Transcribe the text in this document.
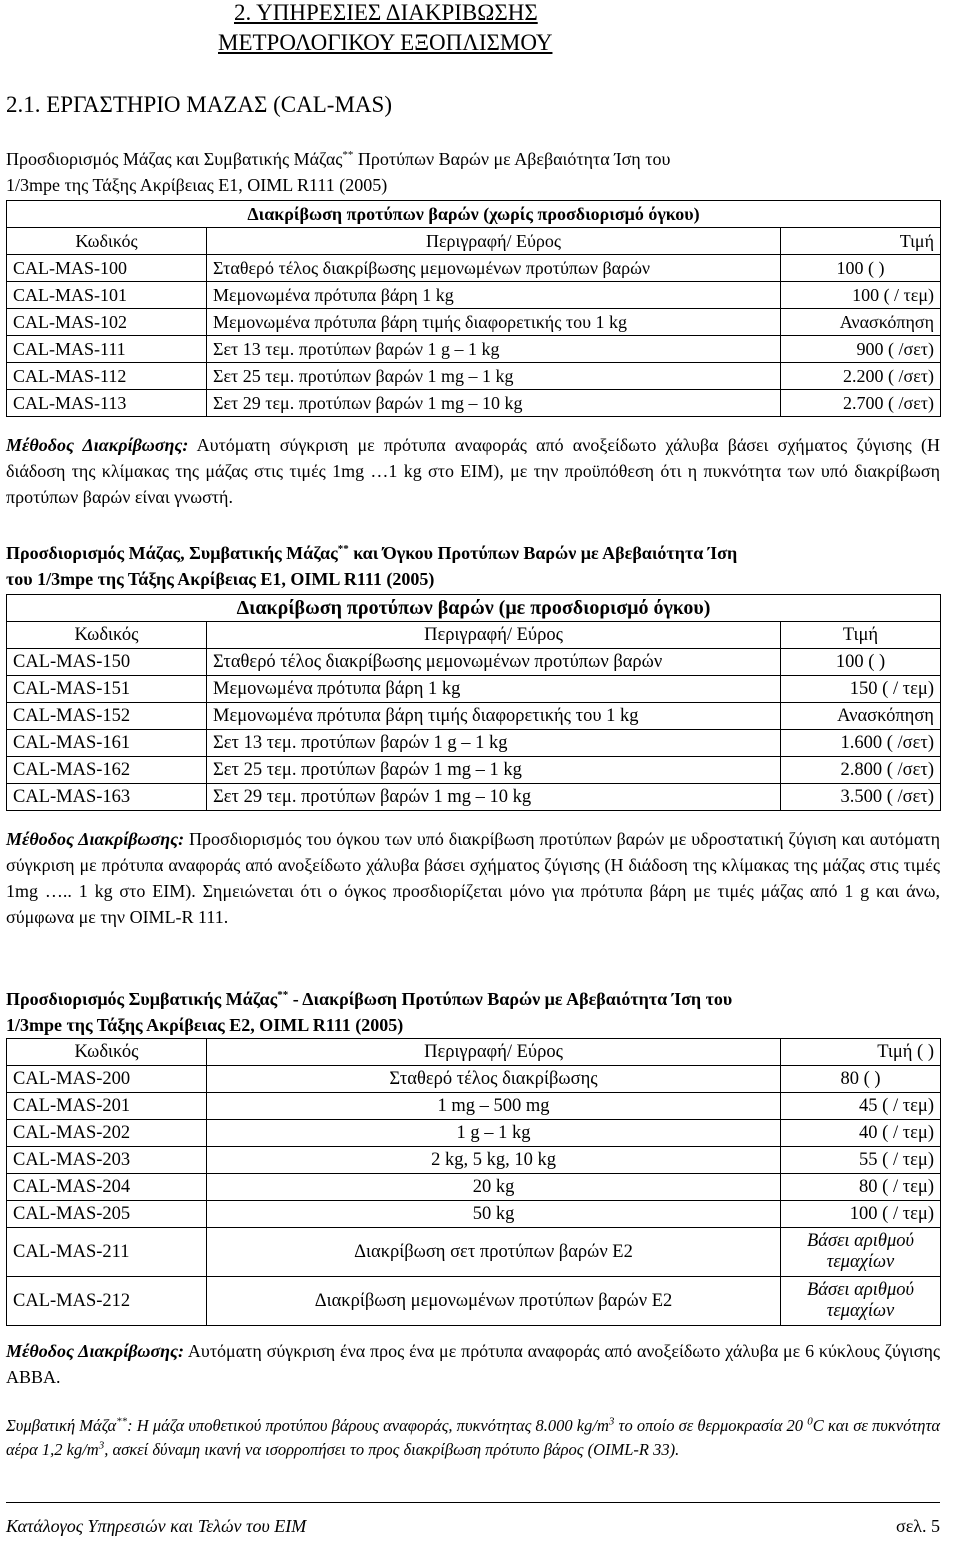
2. ΥΠΗΡΕΣΙΕΣ ΔΙΑΚΡΙΒΩΣΗΣ
ΜΕΤΡΟΛΟΓΙΚΟΥ ΕΞΟΠΛΙΣΜΟΥ
2.1. ΕΡΓΑΣΤΗΡΙΟ ΜΑΖΑΣ (CAL-MAS)
Προσδιορισμός Μάζας και Συμβατικής Μάζας** Προτύπων Βαρών με Αβεβαιότητα Ίση του
1/3mpe της Τάξης Ακρίβειας Ε1, OIML R111 (2005)
Διακρίβωση προτύπων βαρών (χωρίς προσδιορισμό όγκου)		
Κωδικός	Περιγραφή/ Εύρος	Τιμή
CAL-MAS-100	Σταθερό τέλος διακρίβωσης μεμονωμένων προτύπων βαρών	100 ( )
CAL-MAS-101	Μεμονωμένα πρότυπα βάρη 1 kg	100 ( / τεμ)
CAL-MAS-102	Μεμονωμένα πρότυπα βάρη τιμής διαφορετικής του 1 kg	Ανασκόπηση
CAL-MAS-111	Σετ 13 τεμ. προτύπων βαρών 1 g – 1 kg	900 ( /σετ)
CAL-MAS-112	Σετ 25 τεμ. προτύπων βαρών 1 mg – 1 kg	2.200 ( /σετ)
CAL-MAS-113	Σετ 29 τεμ. προτύπων βαρών 1 mg – 10 kg	2.700 ( /σετ)
Μέθοδος Διακρίβωσης: Αυτόματη σύγκριση με πρότυπα αναφοράς από ανοξείδωτο χάλυβα βάσει σχήματος ζύγισης (Η διάδοση της κλίμακας της μάζας στις τιμές 1mg …1 kg στο ΕΙΜ), με την προϋπόθεση ότι η πυκνότητα των υπό διακρίβωση προτύπων βαρών είναι γνωστή.
Προσδιορισμός Μάζας, Συμβατικής Μάζας** και Όγκου Προτύπων Βαρών με Αβεβαιότητα Ίση
του 1/3mpe της Τάξης Ακρίβειας Ε1, OIML R111 (2005)
Διακρίβωση προτύπων βαρών (με προσδιορισμό όγκου)		
Κωδικός	Περιγραφή/ Εύρος	Τιμή
CAL-MAS-150	Σταθερό τέλος διακρίβωσης μεμονωμένων προτύπων βαρών	100 ( )
CAL-MAS-151	Μεμονωμένα πρότυπα βάρη 1 kg	150 ( / τεμ)
CAL-MAS-152	Μεμονωμένα πρότυπα βάρη τιμής διαφορετικής του 1 kg	Ανασκόπηση
CAL-MAS-161	Σετ 13 τεμ. προτύπων βαρών 1 g – 1 kg	1.600 ( /σετ)
CAL-MAS-162	Σετ 25 τεμ. προτύπων βαρών 1 mg – 1 kg	2.800 ( /σετ)
CAL-MAS-163	Σετ 29 τεμ. προτύπων βαρών 1 mg – 10 kg	3.500 ( /σετ)
Μέθοδος Διακρίβωσης: Προσδιορισμός του όγκου των υπό διακρίβωση προτύπων βαρών με υδροστατική ζύγιση και αυτόματη σύγκριση με πρότυπα αναφοράς από ανοξείδωτο χάλυβα βάσει σχήματος ζύγισης (Η διάδοση της κλίμακας της μάζας στις τιμές 1mg ….. 1 kg στο ΕΙΜ). Σημειώνεται ότι ο όγκος προσδιορίζεται μόνο για πρότυπα βάρη με τιμές μάζας από 1 g και άνω, σύμφωνα με την OIML-R 111.
Προσδιορισμός Συμβατικής Μάζας** - Διακρίβωση Προτύπων Βαρών με Αβεβαιότητα Ίση του
1/3mpe της Τάξης Ακρίβειας Ε2, OIML R111 (2005)
Κωδικός	Περιγραφή/ Εύρος	Τιμή ( )
CAL-MAS-200	Σταθερό τέλος διακρίβωσης	80 ( )
CAL-MAS-201	1 mg – 500 mg	45 ( / τεμ)
CAL-MAS-202	1 g – 1 kg	40 ( / τεμ)
CAL-MAS-203	2 kg, 5 kg, 10 kg	55 ( / τεμ)
CAL-MAS-204	20 kg	80 ( / τεμ)
CAL-MAS-205	50 kg	100 ( / τεμ)
CAL-MAS-211	Διακρίβωση σετ προτύπων βαρών Ε2	Βάσει αριθμού τεμαχίων
CAL-MAS-212	Διακρίβωση μεμονωμένων προτύπων βαρών Ε2	Βάσει αριθμού τεμαχίων
Μέθοδος Διακρίβωσης: Αυτόματη σύγκριση ένα προς ένα με πρότυπα αναφοράς από ανοξείδωτο χάλυβα με 6 κύκλους ζύγισης ABBA.
Συμβατική Μάζα**: Η μάζα υποθετικού προτύπου βάρους αναφοράς, πυκνότητας 8.000 $kg/m^3$ το οποίο σε θερμοκρασία 20 $^0$C και σε πυκνότητα αέρα 1,2 $kg/m^3$, ασκεί δύναμη ικανή να ισορροπήσει το προς διακρίβωση πρότυπο βάρος (OIML-R 33).
Κατάλογος Υπηρεσιών και Τελών του ΕΙΜ	σελ. 5
